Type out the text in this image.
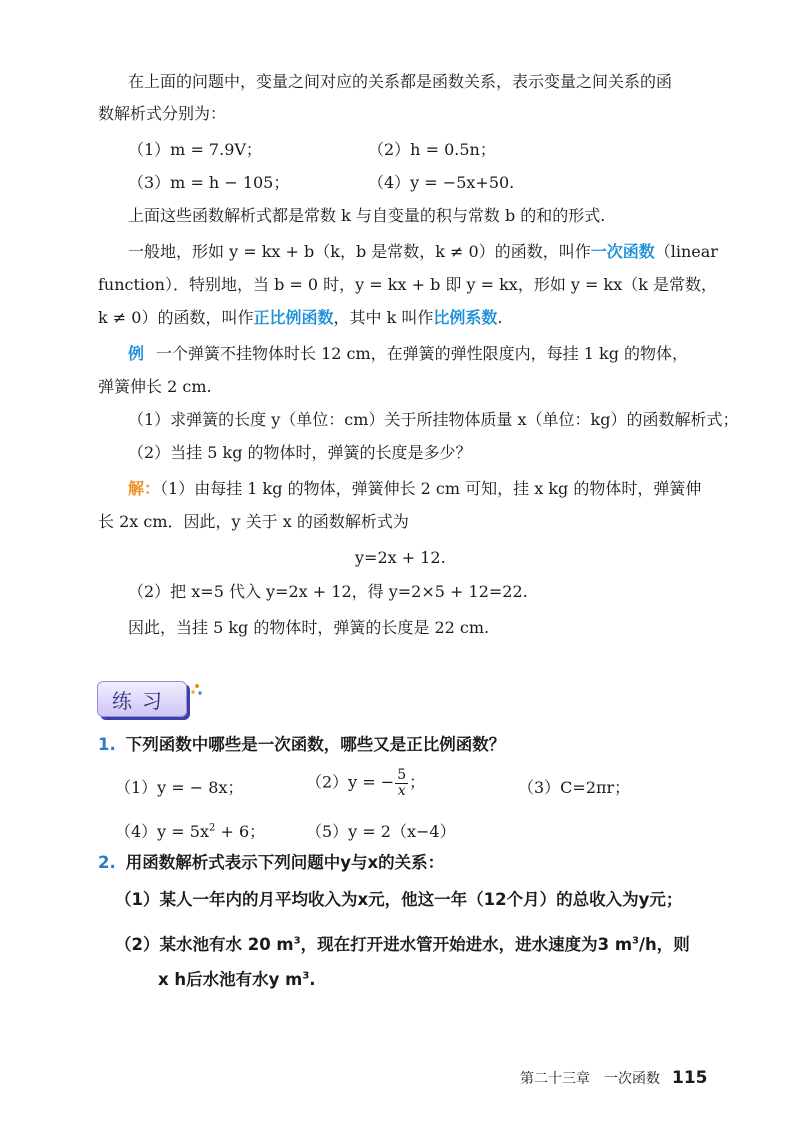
在上面的问题中，变量之间对应的关系都是函数关系，表示变量之间关系的函
数解析式分别为：
（1）m = 7.9V；	（2）h = 0.5n；
（3）m = h − 105；	（4）y = −5x+50.
上面这些函数解析式都是常数 k 与自变量的积与常数 b 的和的形式.
一般地，形如 y = kx + b（k，b 是常数，k ≠ 0）的函数，叫作一次函数（linear
function）．特别地，当 b = 0 时，y = kx + b 即 y = kx，形如 y = kx（k 是常数，
k ≠ 0）的函数，叫作正比例函数，其中 k 叫作比例系数.
例 一个弹簧不挂物体时长 12 cm，在弹簧的弹性限度内，每挂 1 kg 的物体，
弹簧伸长 2 cm.
（1）求弹簧的长度 y（单位：cm）关于所挂物体质量 x（单位：kg）的函数解析式；
（2）当挂 5 kg 的物体时，弹簧的长度是多少？
解：（1）由每挂 1 kg 的物体，弹簧伸长 2 cm 可知，挂 x kg 的物体时，弹簧伸
长 2x cm．因此，y 关于 x 的函数解析式为
y=2x + 12.
（2）把 x=5 代入 y=2x + 12，得 y=2×5 + 12=22.
因此，当挂 5 kg 的物体时，弹簧的长度是 22 cm.
练习
1. 下列函数中哪些是一次函数，哪些又是正比例函数？
（1）y = − 8x；	（2）y = − $\frac{5}{x}$ ；	（3）C=2πr；
$(4)y = 5x^2 + 6$；	（5）y = 2（x−4）
2. 用函数解析式表示下列问题中y与x的关系：
（1）某人一年内的月平均收入为x元，他这一年（12个月）的总收入为y元；
（2）某水池有水 20 $m^3$，现在打开进水管开始进水，进水速度为3 $m^3/h$，则
x h后水池有水y $m^3$.
第二十三章　一次函数 115
